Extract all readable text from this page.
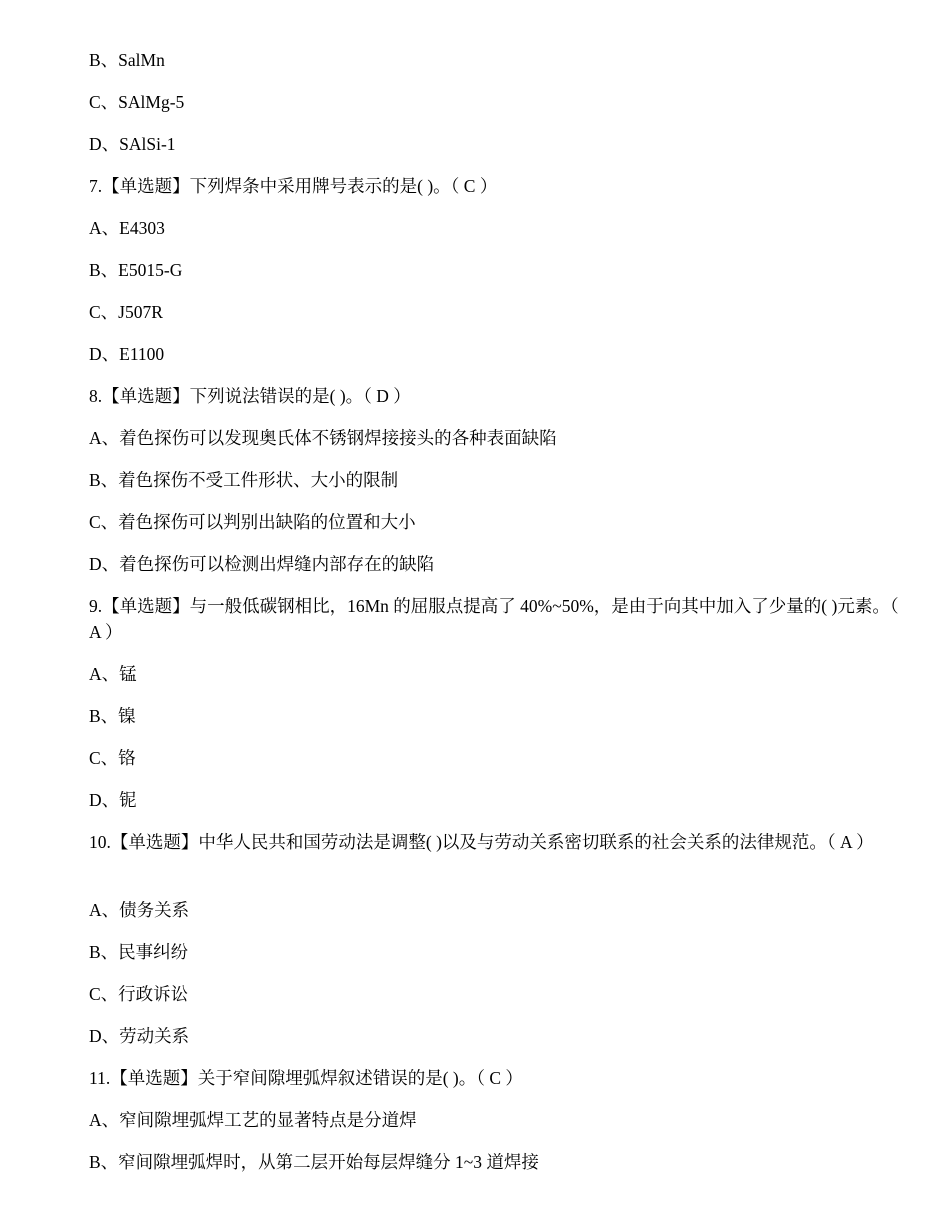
B、SalMn

C、SAlMg-5

D、SAlSi-1

7.【单选题】下列焊条中采用牌号表示的是( )。（ C ）

A、E4303

B、E5015-G

C、J507R

D、E1100

8.【单选题】下列说法错误的是( )。（ D ）

A、着色探伤可以发现奥氏体不锈钢焊接接头的各种表面缺陷

B、着色探伤不受工件形状、大小的限制

C、着色探伤可以判别出缺陷的位置和大小

D、着色探伤可以检测出焊缝内部存在的缺陷

9.【单选题】与一般低碳钢相比，16Mn 的屈服点提高了 40%~50%，是由于向其中加入了少量的( )元素。（ A ）

A、锰

B、镍

C、铬

D、铌

10.【单选题】中华人民共和国劳动法是调整( )以及与劳动关系密切联系的社会关系的法律规范。（ A ）

A、债务关系

B、民事纠纷

C、行政诉讼

D、劳动关系

11.【单选题】关于窄间隙埋弧焊叙述错误的是( )。（ C ）

A、窄间隙埋弧焊工艺的显著特点是分道焊

B、窄间隙埋弧焊时，从第二层开始每层焊缝分 1~3 道焊接
